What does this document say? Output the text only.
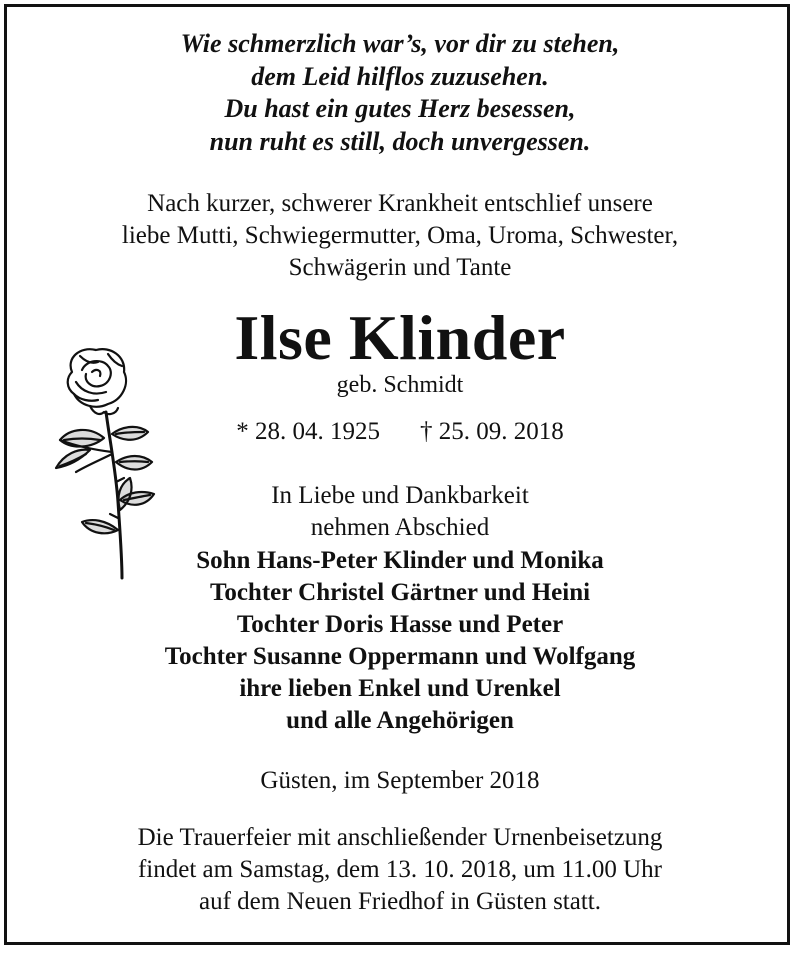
Wie schmerzlich war’s, vor dir zu stehen,
dem Leid hilflos zuzusehen.
Du hast ein gutes Herz besessen,
nun ruht es still, doch unvergessen.
Nach kurzer, schwerer Krankheit entschlief unsere
liebe Mutti, Schwiegermutter, Oma, Uroma, Schwester,
Schwägerin und Tante
Ilse Klinder
geb. Schmidt
* 28. 04. 1925 † 25. 09. 2018
In Liebe und Dankbarkeit
nehmen Abschied
Sohn Hans-Peter Klinder und Monika
Tochter Christel Gärtner und Heini
Tochter Doris Hasse und Peter
Tochter Susanne Oppermann und Wolfgang
ihre lieben Enkel und Urenkel
und alle Angehörigen
Güsten, im September 2018
Die Trauerfeier mit anschließender Urnenbeisetzung
findet am Samstag, dem 13. 10. 2018, um 11.00 Uhr
auf dem Neuen Friedhof in Güsten statt.
